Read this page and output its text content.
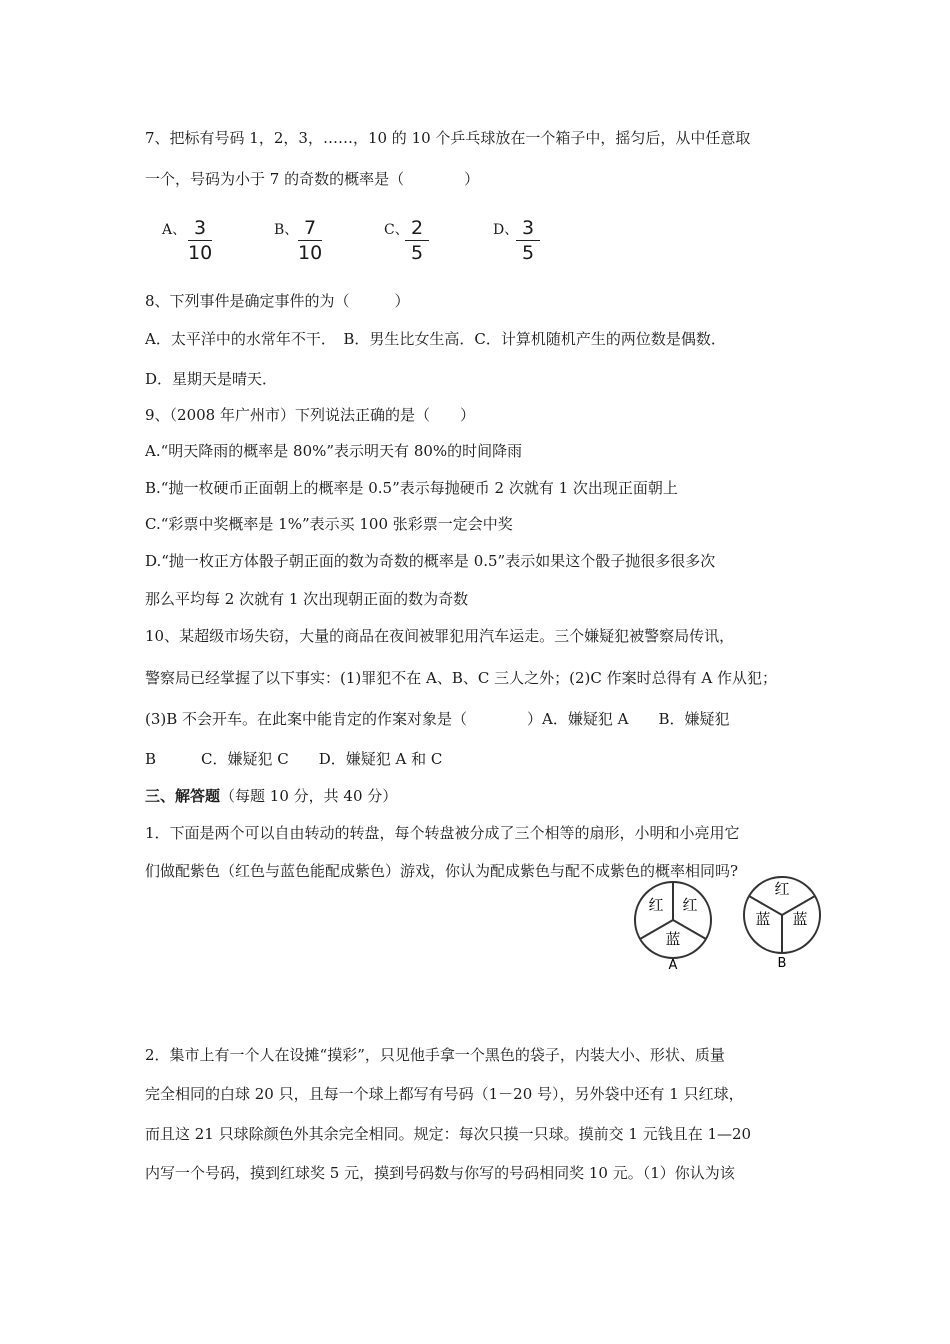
7、把标有号码 1，2，3，……，10 的 10 个乒乓球放在一个箱子中，摇匀后，从中任意取
一个，号码为小于 7 的奇数的概率是（　　　　）
A、 3
10
B、 7
10
C、 2
5
D、 3
5
8、下列事件是确定事件的为（　　　）
A．太平洋中的水常年不干．　B．男生比女生高．C．计算机随机产生的两位数是偶数．
D．星期天是晴天．
9、（2008 年广州市）下列说法正确的是（　　）
A.“明天降雨的概率是 80%”表示明天有 80%的时间降雨
B.“抛一枚硬币正面朝上的概率是 0.5”表示每抛硬币 2 次就有 1 次出现正面朝上
C.“彩票中奖概率是 1%”表示买 100 张彩票一定会中奖
D.“抛一枚正方体骰子朝正面的数为奇数的概率是 0.5”表示如果这个骰子抛很多很多次
那么平均每 2 次就有 1 次出现朝正面的数为奇数
10、某超级市场失窃，大量的商品在夜间被罪犯用汽车运走。三个嫌疑犯被警察局传讯，
警察局已经掌握了以下事实：(1)罪犯不在 A、B、C 三人之外；(2)C 作案时总得有 A 作从犯；
(3)B 不会开车。在此案中能肯定的作案对象是（　　　　）A．嫌疑犯 A　　B．嫌疑犯
B　　　C．嫌疑犯 C　　D．嫌疑犯 A 和 C
三、解答题（每题 10 分，共 40 分）
1．下面是两个可以自由转动的转盘，每个转盘被分成了三个相等的扇形，小明和小亮用它
们做配紫色（红色与蓝色能配成紫色）游戏，你认为配成紫色与配不成紫色的概率相同吗?
红 红
蓝
A
红
蓝 蓝
B
2．集市上有一个人在设摊“摸彩”，只见他手拿一个黑色的袋子，内装大小、形状、质量
完全相同的白球 20 只，且每一个球上都写有号码（1－20 号），另外袋中还有 1 只红球，
而且这 21 只球除颜色外其余完全相同。规定：每次只摸一只球。摸前交 1 元钱且在 1—20
内写一个号码，摸到红球奖 5 元，摸到号码数与你写的号码相同奖 10 元。（1）你认为该
